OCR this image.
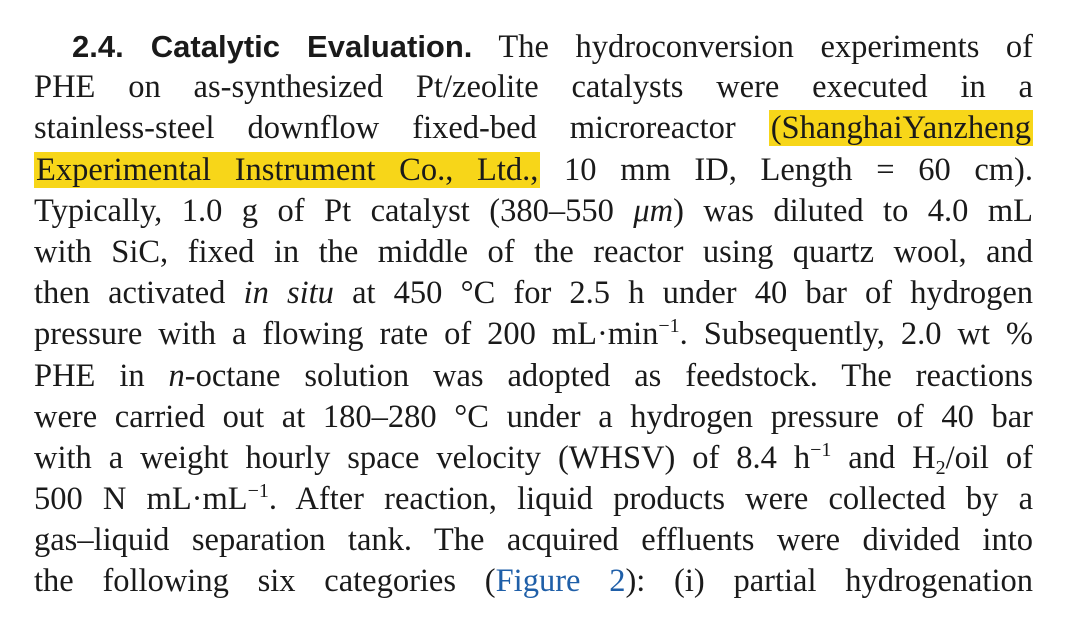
2.4. Catalytic Evaluation. The hydroconversion experiments of
PHE on as-synthesized Pt/zeolite catalysts were executed in a
stainless-steel downflow fixed-bed microreactor (ShanghaiYanzheng
Experimental Instrument Co., Ltd., 10 mm ID, Length = 60 cm).
Typically, 1.0 g of Pt catalyst (380–550 μm) was diluted to 4.0 mL
with SiC, fixed in the middle of the reactor using quartz wool, and
then activated in situ at 450 °C for 2.5 h under 40 bar of hydrogen
pressure with a flowing rate of 200 $mL\cdot\min^{-1}$. Subsequently, 2.0 wt %
PHE in n-octane solution was adopted as feedstock. The reactions
were carried out at 180–280 °C under a hydrogen pressure of 40 bar
with a weight hourly space velocity (WHSV) of 8.4 $h^{-1}$ and $H_2$/oil of
500 N $mL\cdot mL^{-1}$. After reaction, liquid products were collected by a
gas–liquid separation tank. The acquired effluents were divided into
the following six categories (Figure 2): (i) partial hydrogenation
